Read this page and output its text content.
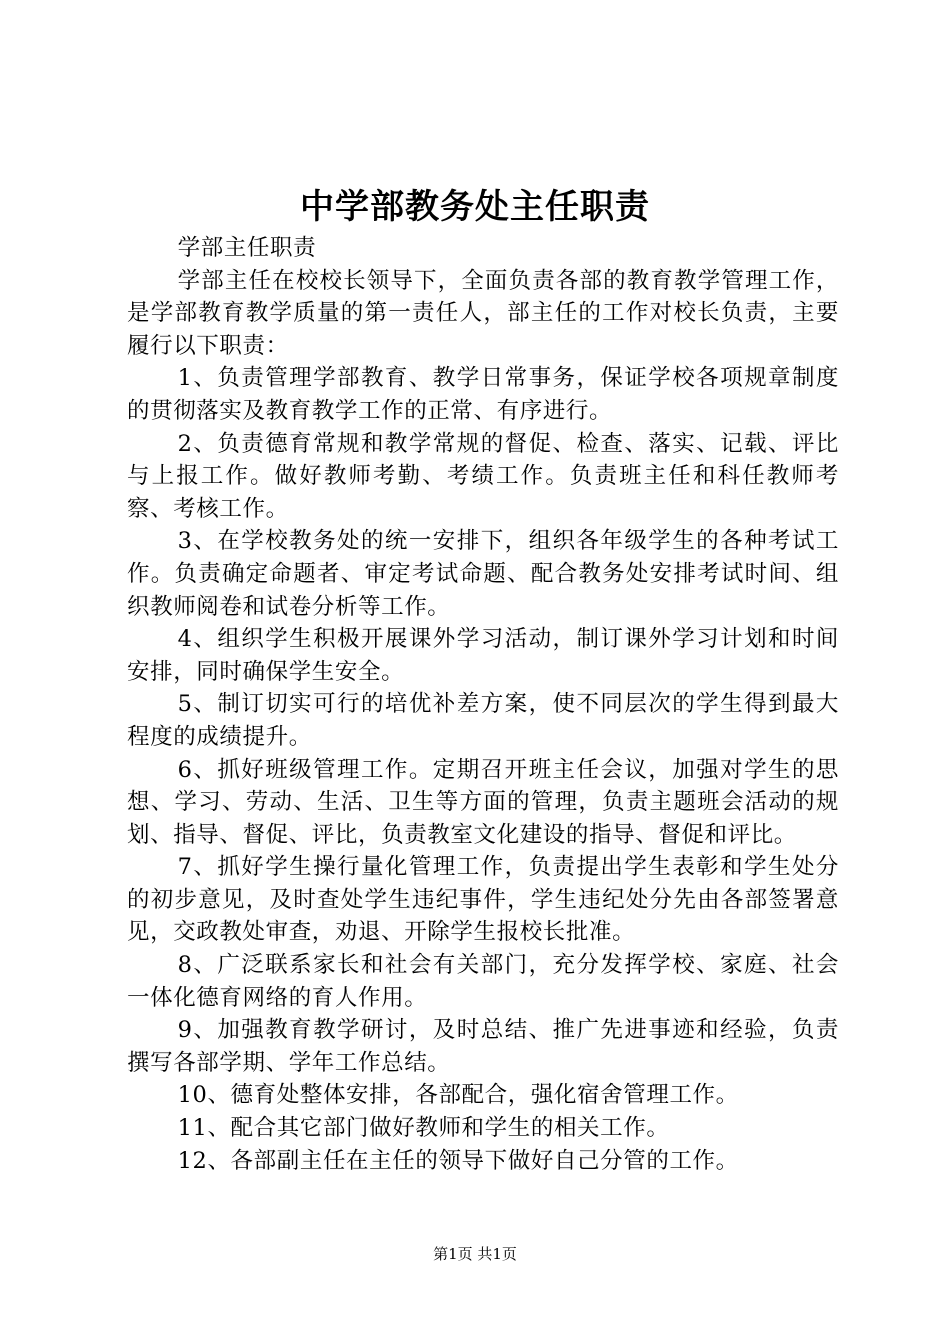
中学部教务处主任职责

学部主任职责

学部主任在校校长领导下，全面负责各部的教育教学管理工作，是学部教育教学质量的第一责任人，部主任的工作对校长负责，主要履行以下职责：

1、负责管理学部教育、教学日常事务，保证学校各项规章制度的贯彻落实及教育教学工作的正常、有序进行。

2、负责德育常规和教学常规的督促、检查、落实、记载、评比与上报工作。做好教师考勤、考绩工作。负责班主任和科任教师考察、考核工作。

3、在学校教务处的统一安排下，组织各年级学生的各种考试工作。负责确定命题者、审定考试命题、配合教务处安排考试时间、组织教师阅卷和试卷分析等工作。

4、组织学生积极开展课外学习活动，制订课外学习计划和时间安排，同时确保学生安全。

5、制订切实可行的培优补差方案，使不同层次的学生得到最大程度的成绩提升。

6、抓好班级管理工作。定期召开班主任会议，加强对学生的思想、学习、劳动、生活、卫生等方面的管理，负责主题班会活动的规划、指导、督促、评比，负责教室文化建设的指导、督促和评比。

7、抓好学生操行量化管理工作，负责提出学生表彰和学生处分的初步意见，及时查处学生违纪事件，学生违纪处分先由各部签署意见，交政教处审查，劝退、开除学生报校长批准。

8、广泛联系家长和社会有关部门，充分发挥学校、家庭、社会一体化德育网络的育人作用。

9、加强教育教学研讨，及时总结、推广先进事迹和经验，负责撰写各部学期、学年工作总结。

10、德育处整体安排，各部配合，强化宿舍管理工作。

11、配合其它部门做好教师和学生的相关工作。

12、各部副主任在主任的领导下做好自己分管的工作。

第1页 共1页
